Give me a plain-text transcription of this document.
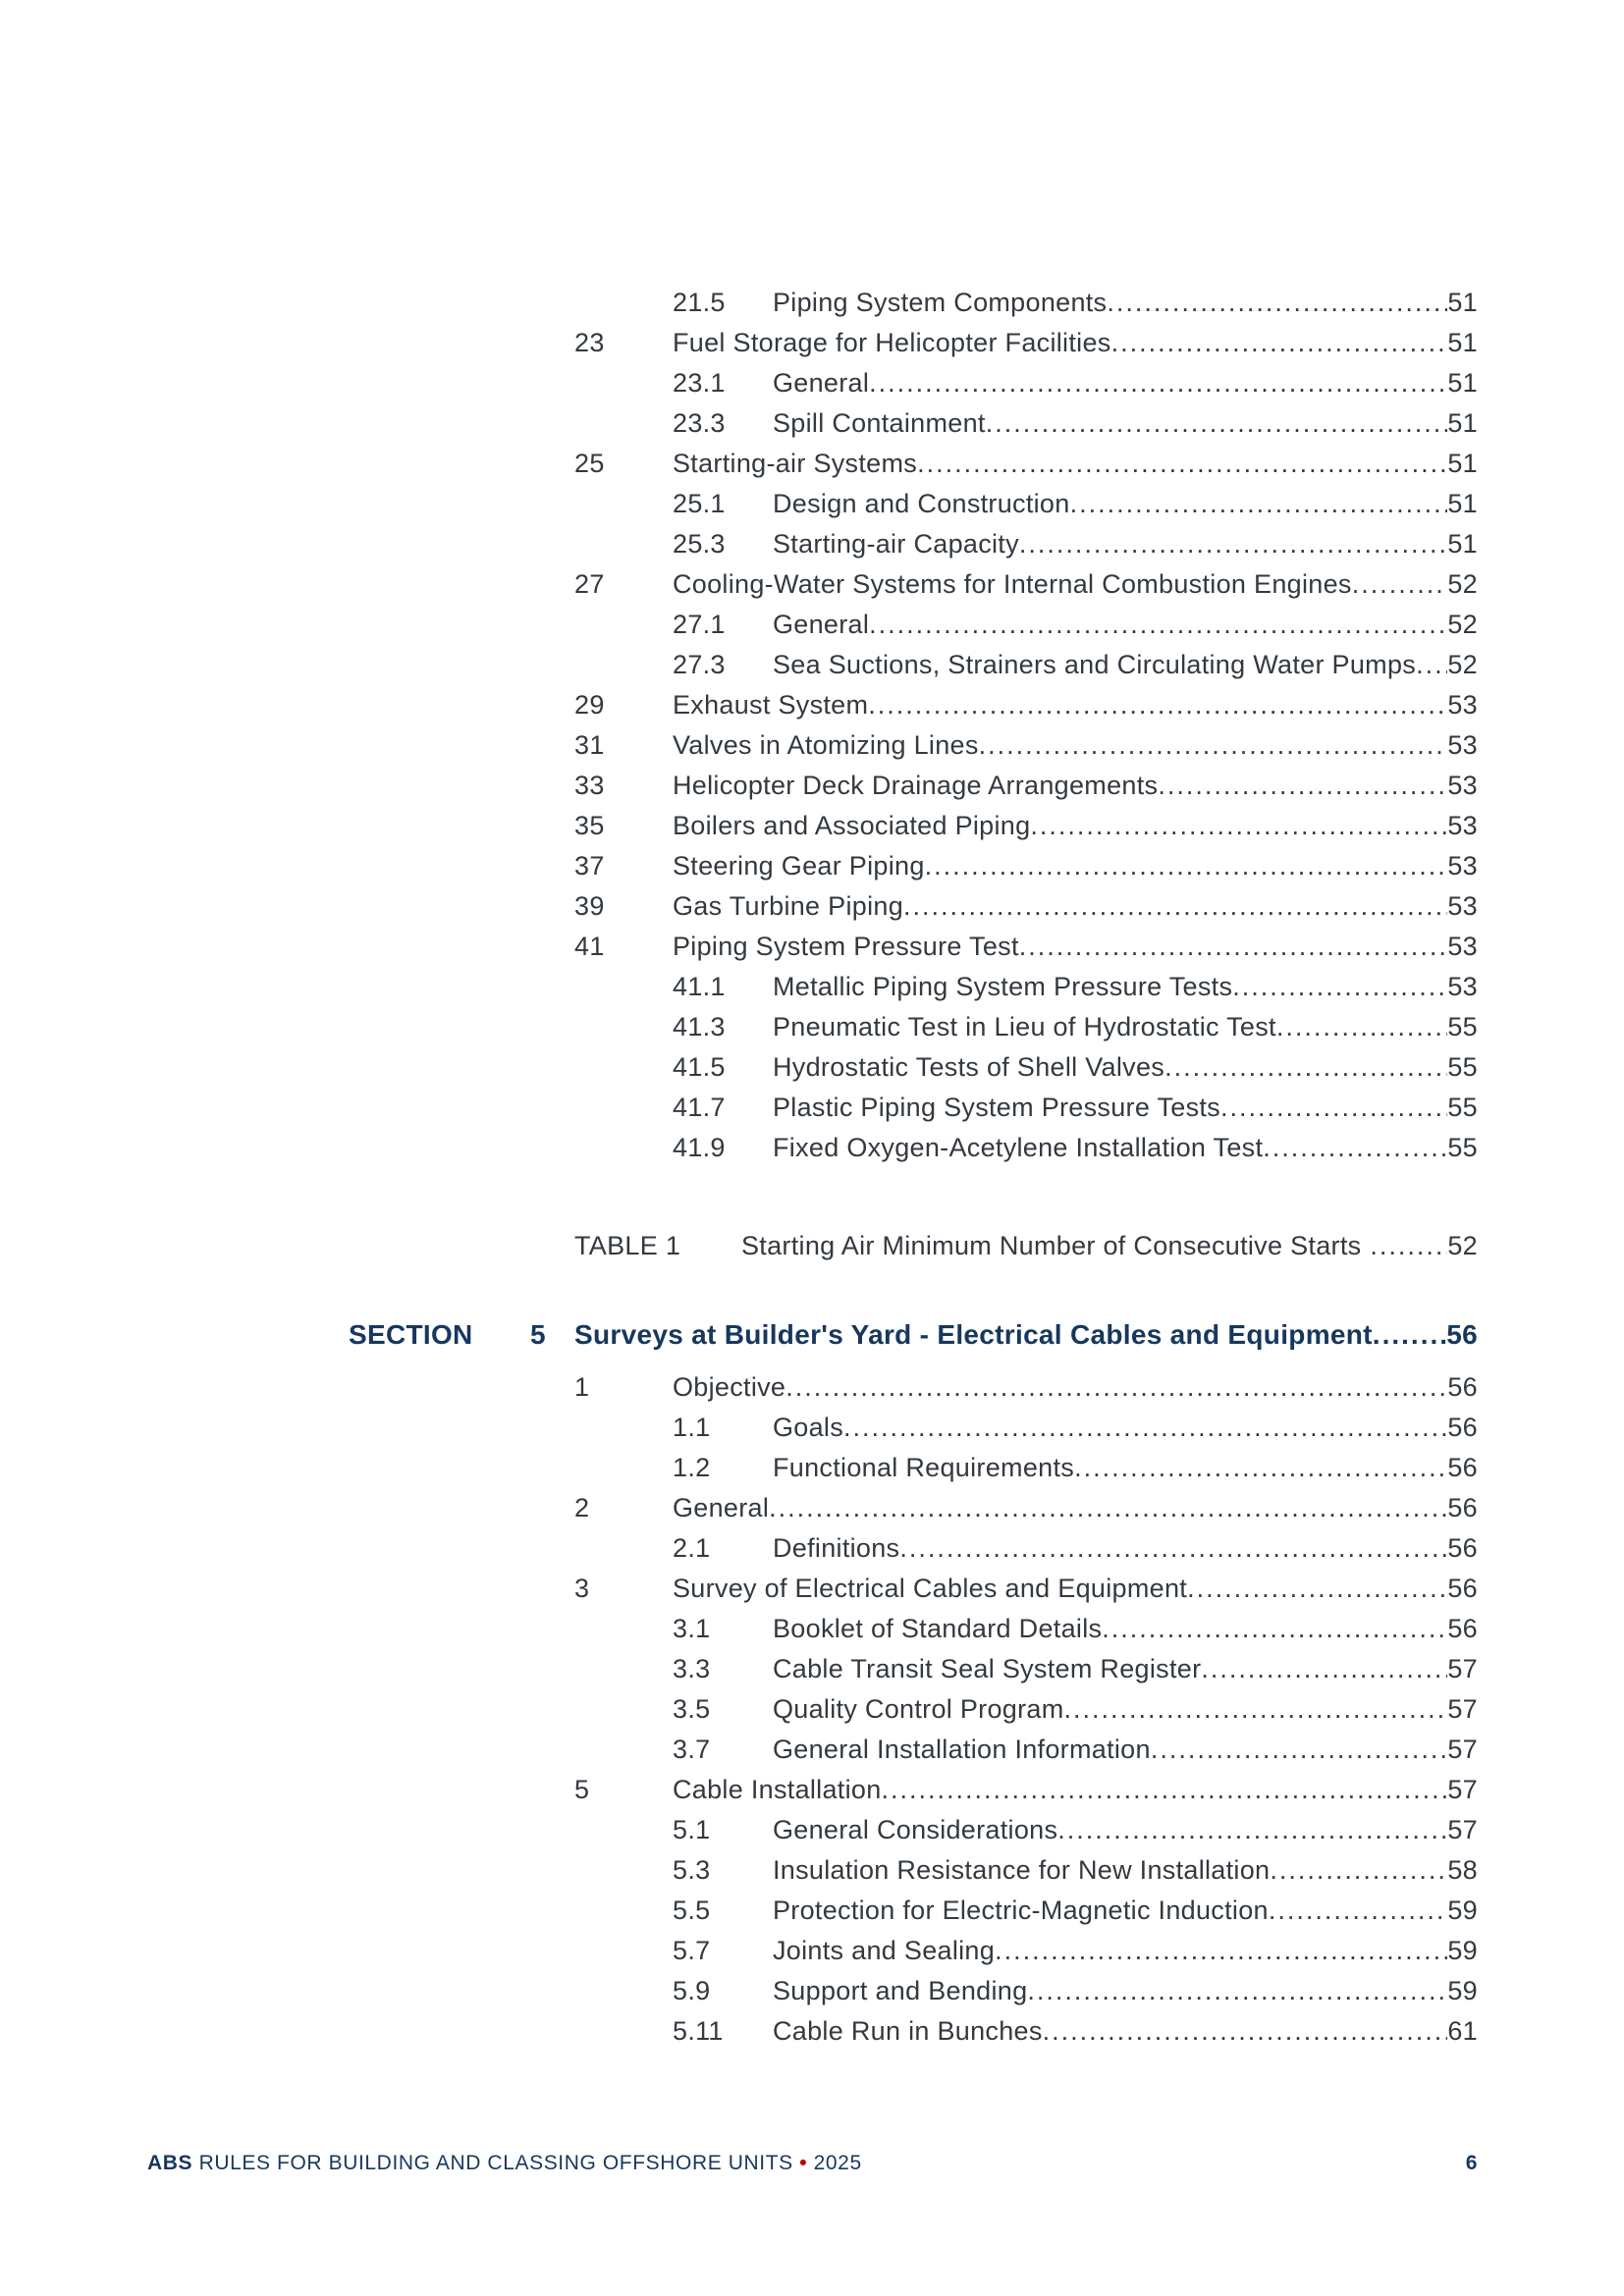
21.5	Piping System Components .....	51
23	Fuel Storage for Helicopter Facilities .....	51
23.1	General .....	51
23.3	Spill Containment .....	51
25	Starting-air Systems .....	51
25.1	Design and Construction .....	51
25.3	Starting-air Capacity .....	51
27	Cooling-Water Systems for Internal Combustion Engines .....	52
27.1	General .....	52
27.3	Sea Suctions, Strainers and Circulating Water Pumps ..... 52
29	Exhaust System .....	53
31	Valves in Atomizing Lines .....	53
33	Helicopter Deck Drainage Arrangements .....	53
35	Boilers and Associated Piping .....	53
37	Steering Gear Piping .....	53
39	Gas Turbine Piping .....	53
41	Piping System Pressure Test .....	53
41.1	Metallic Piping System Pressure Tests .....	53
41.3	Pneumatic Test in Lieu of Hydrostatic Test .....	55
41.5	Hydrostatic Tests of Shell Valves .....	55
41.7	Plastic Piping System Pressure Tests .....	55
41.9	Fixed Oxygen-Acetylene Installation Test .....	55
TABLE 1	Starting Air Minimum Number of Consecutive Starts .....	52
SECTION	5	Surveys at Builder's Yard - Electrical Cables and Equipment .....	56
1	Objective .....	56
1.1	Goals .....	56
1.2	Functional Requirements .....	56
2	General .....	56
2.1	Definitions .....	56
3	Survey of Electrical Cables and Equipment .....	56
3.1	Booklet of Standard Details .....	56
3.3	Cable Transit Seal System Register .....	57
3.5	Quality Control Program .....	57
3.7	General Installation Information .....	57
5	Cable Installation .....	57
5.1	General Considerations .....	57
5.3	Insulation Resistance for New Installation .....	58
5.5	Protection for Electric-Magnetic Induction .....	59
5.7	Joints and Sealing .....	59
5.9	Support and Bending .....	59
5.11	Cable Run in Bunches .....	61
ABS RULES FOR BUILDING AND CLASSING OFFSHORE UNITS • 2025	6
